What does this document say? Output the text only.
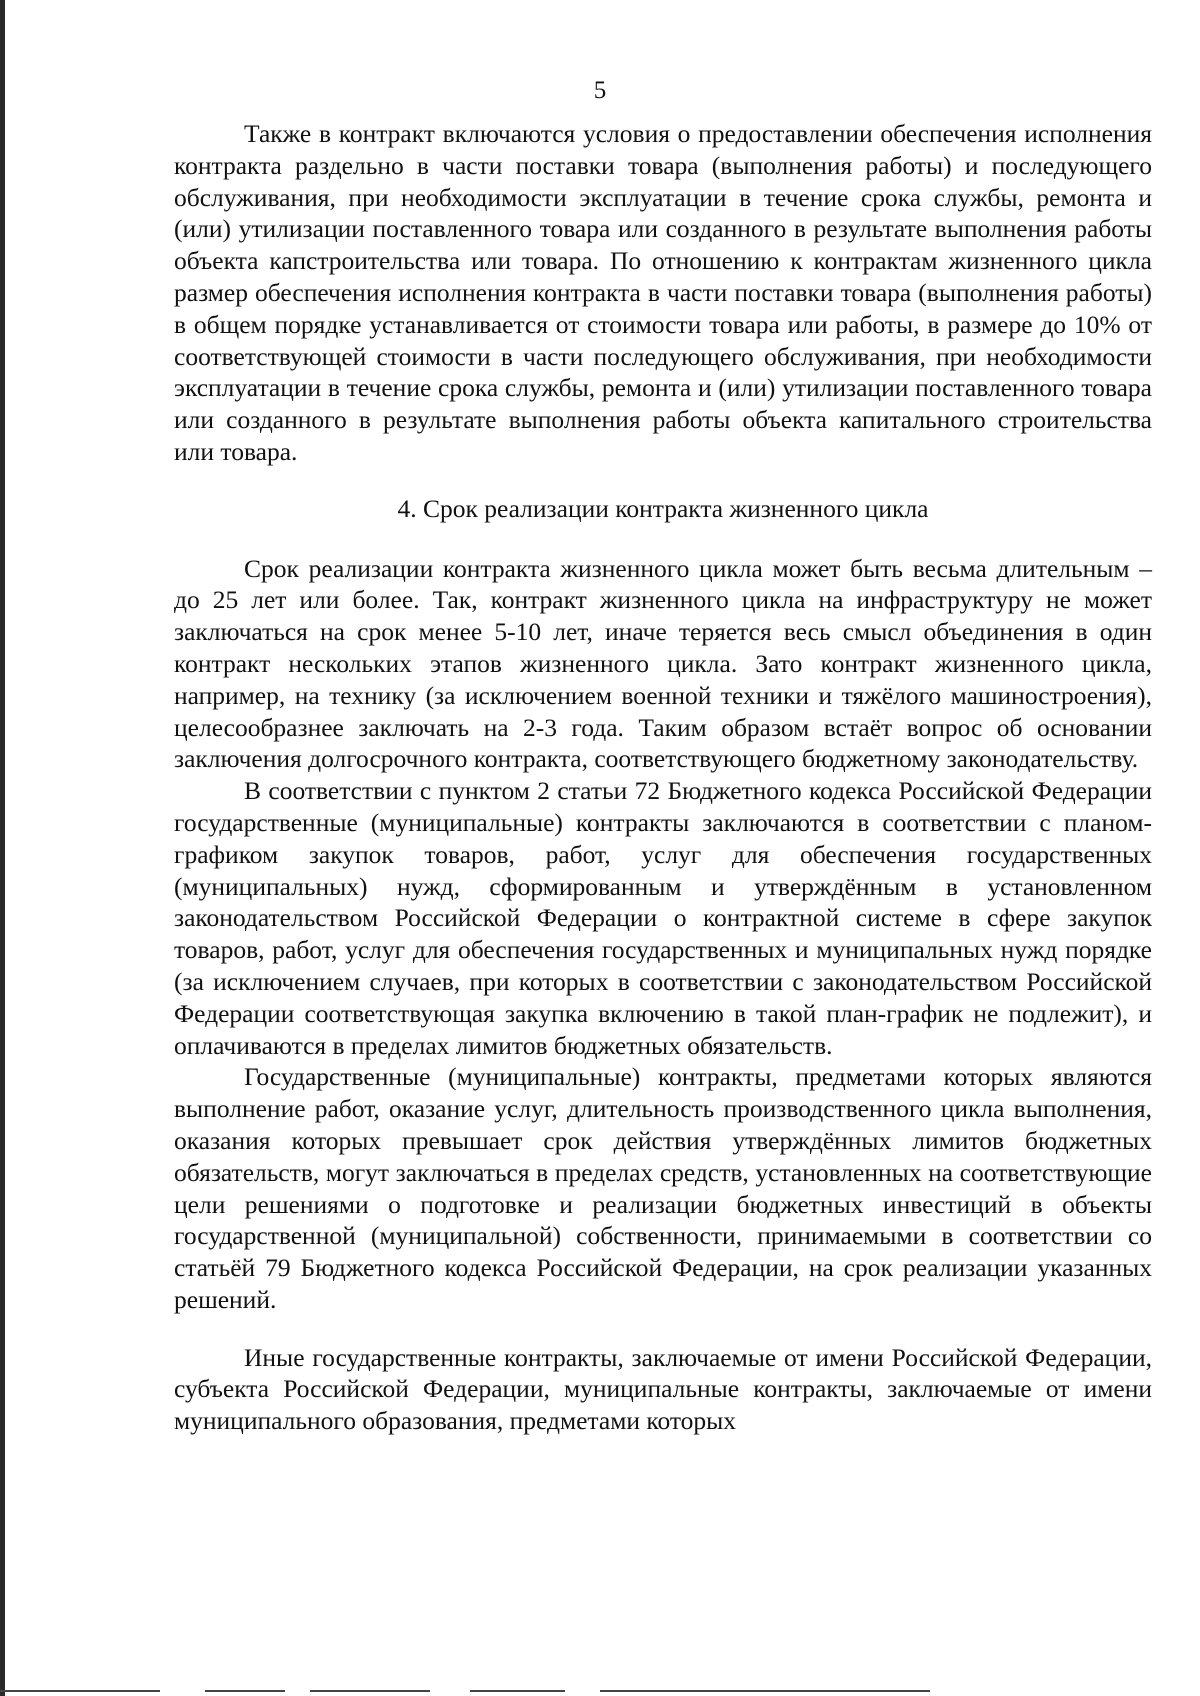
5

Также в контракт включаются условия о предоставлении обеспечения исполнения контракта раздельно в части поставки товара (выполнения работы) и последующего обслуживания, при необходимости эксплуатации в течение срока службы, ремонта и (или) утилизации поставленного товара или созданного в результате выполнения работы объекта капстроительства или товара. По отношению к контрактам жизненного цикла размер обеспечения исполнения контракта в части поставки товара (выполнения работы) в общем порядке устанавливается от стоимости товара или работы, в размере до 10% от соответствующей стоимости в части последующего обслуживания, при необходимости эксплуатации в течение срока службы, ремонта и (или) утилизации поставленного товара или созданного в результате выполнения работы объекта капитального строительства или товара.

4. Срок реализации контракта жизненного цикла

Срок реализации контракта жизненного цикла может быть весьма длительным – до 25 лет или более. Так, контракт жизненного цикла на инфраструктуру не может заключаться на срок менее 5-10 лет, иначе теряется весь смысл объединения в один контракт нескольких этапов жизненного цикла. Зато контракт жизненного цикла, например, на технику (за исключением военной техники и тяжёлого машиностроения), целесообразнее заключать на 2-3 года. Таким образом встаёт вопрос об основании заключения долгосрочного контракта, соответствующего бюджетному законодательству.

В соответствии с пунктом 2 статьи 72 Бюджетного кодекса Российской Федерации государственные (муниципальные) контракты заключаются в соответствии с планом-графиком закупок товаров, работ, услуг для обеспечения государственных (муниципальных) нужд, сформированным и утверждённым в установленном законодательством Российской Федерации о контрактной системе в сфере закупок товаров, работ, услуг для обеспечения государственных и муниципальных нужд порядке (за исключением случаев, при которых в соответствии с законодательством Российской Федерации соответствующая закупка включению в такой план-график не подлежит), и оплачиваются в пределах лимитов бюджетных обязательств.

Государственные (муниципальные) контракты, предметами которых являются выполнение работ, оказание услуг, длительность производственного цикла выполнения, оказания которых превышает срок действия утверждённых лимитов бюджетных обязательств, могут заключаться в пределах средств, установленных на соответствующие цели решениями о подготовке и реализации бюджетных инвестиций в объекты государственной (муниципальной) собственности, принимаемыми в соответствии со статьёй 79 Бюджетного кодекса Российской Федерации, на срок реализации указанных решений.

Иные государственные контракты, заключаемые от имени Российской Федерации, субъекта Российской Федерации, муниципальные контракты, заключаемые от имени муниципального образования, предметами которых
